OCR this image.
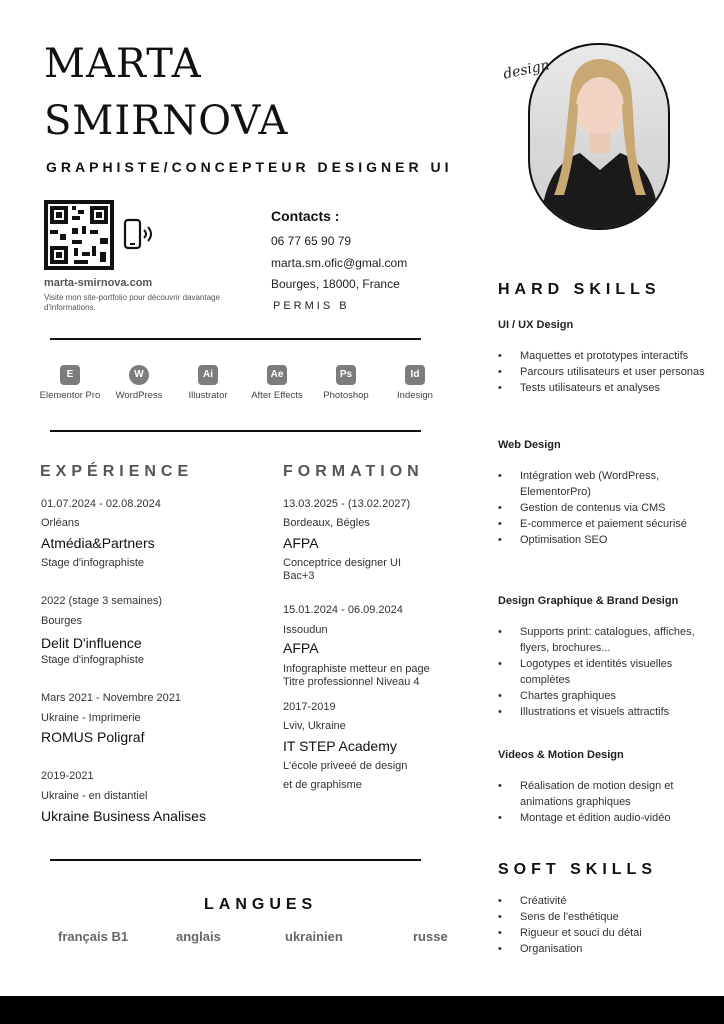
MARTA
SMIRNOVA
GRAPHISTE/CONCEPTEUR DESIGNER UI
design
marta-smirnova.com
Visite mon site-portfolio pour découvrir davantage d'informations.
Contacts :
06 77 65 90 79
marta.sm.ofic@gmal.com
Bourges, 18000, France
PERMIS B
E
Elementor Pro
W
WordPress
Ai
Illustrator
Ae
After Effects
Ps
Photoshop
Id
Indesign
EXPÉRIENCE
01.07.2024 - 02.08.2024
Orléans
Atmédia&Partners
Stage d'infographiste
2022 (stage 3 semaines)
Bourges
Delit D'influence
Stage d'infographiste
Mars 2021 - Novembre 2021
Ukraine - Imprimerie
ROMUS Poligraf
2019-2021
Ukraine - en distantiel
Ukraine Business Analises
FORMATION
13.03.2025 - (13.02.2027)
Bordeaux, Bégles
AFPA
Conceptrice designer UI
Bac+3
15.01.2024 - 06.09.2024
Issoudun
AFPA
Infographiste metteur en page
Titre professionnel Niveau 4
2017-2019
Lviv, Ukraine
IT STEP Academy
L'école priveeé de design
et de graphisme
LANGUES
français B1	anglais	ukrainien	russe
HARD SKILLS
UI / UX Design
• Maquettes et prototypes interactifs
• Parcours utilisateurs et user personas
• Tests utilisateurs et analyses
Web Design
• Intégration web (WordPress, ElementorPro)
• Gestion de contenus via CMS
• E-commerce et paiement sécurisé
• Optimisation SEO
Design Graphique & Brand Design
• Supports print: catalogues, affiches, flyers, brochures...
• Logotypes et identités visuelles complètes
• Chartes graphiques
• Illustrations et visuels attractifs
Videos & Motion Design
• Réalisation de motion design et animations graphiques
• Montage et édition audio-vidéo
SOFT SKILLS
• Créativité
• Sens de l'esthétique
• Rigueur et souci du détai
• Organisation
